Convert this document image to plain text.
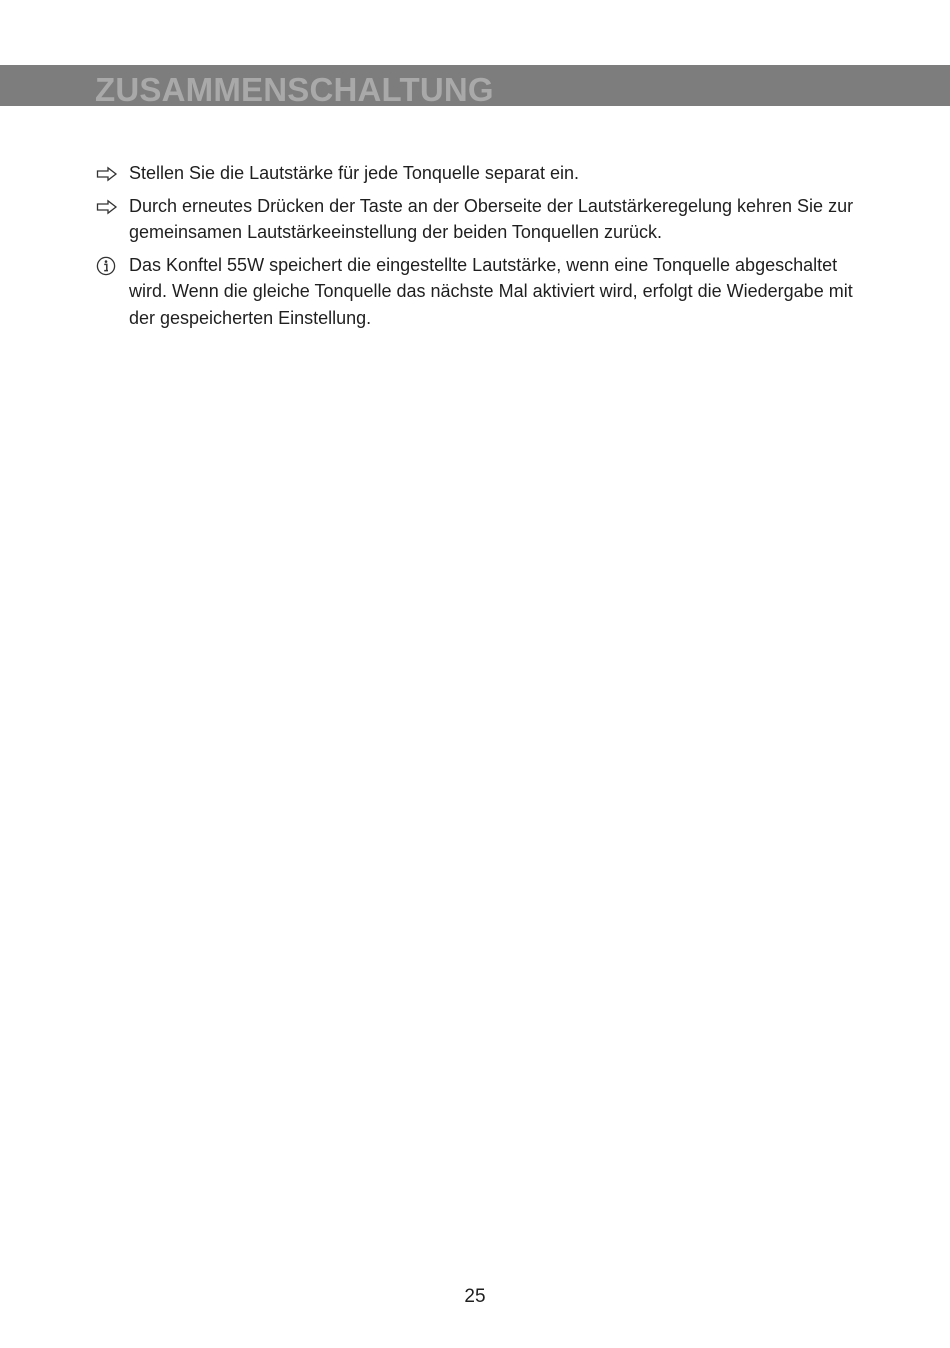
ZUSAMMENSCHALTUNG
Stellen Sie die Lautstärke für jede Tonquelle separat ein.
Durch erneutes Drücken der Taste an der Oberseite der Lautstärkeregelung kehren Sie zur gemeinsamen Lautstärkeeinstellung der beiden Tonquellen zurück.
Das Konftel 55W speichert die eingestellte Lautstärke, wenn eine Tonquelle abgeschaltet wird. Wenn die gleiche Tonquelle das nächste Mal aktiviert wird, erfolgt die Wiedergabe mit der gespeicherten Einstellung.
25
